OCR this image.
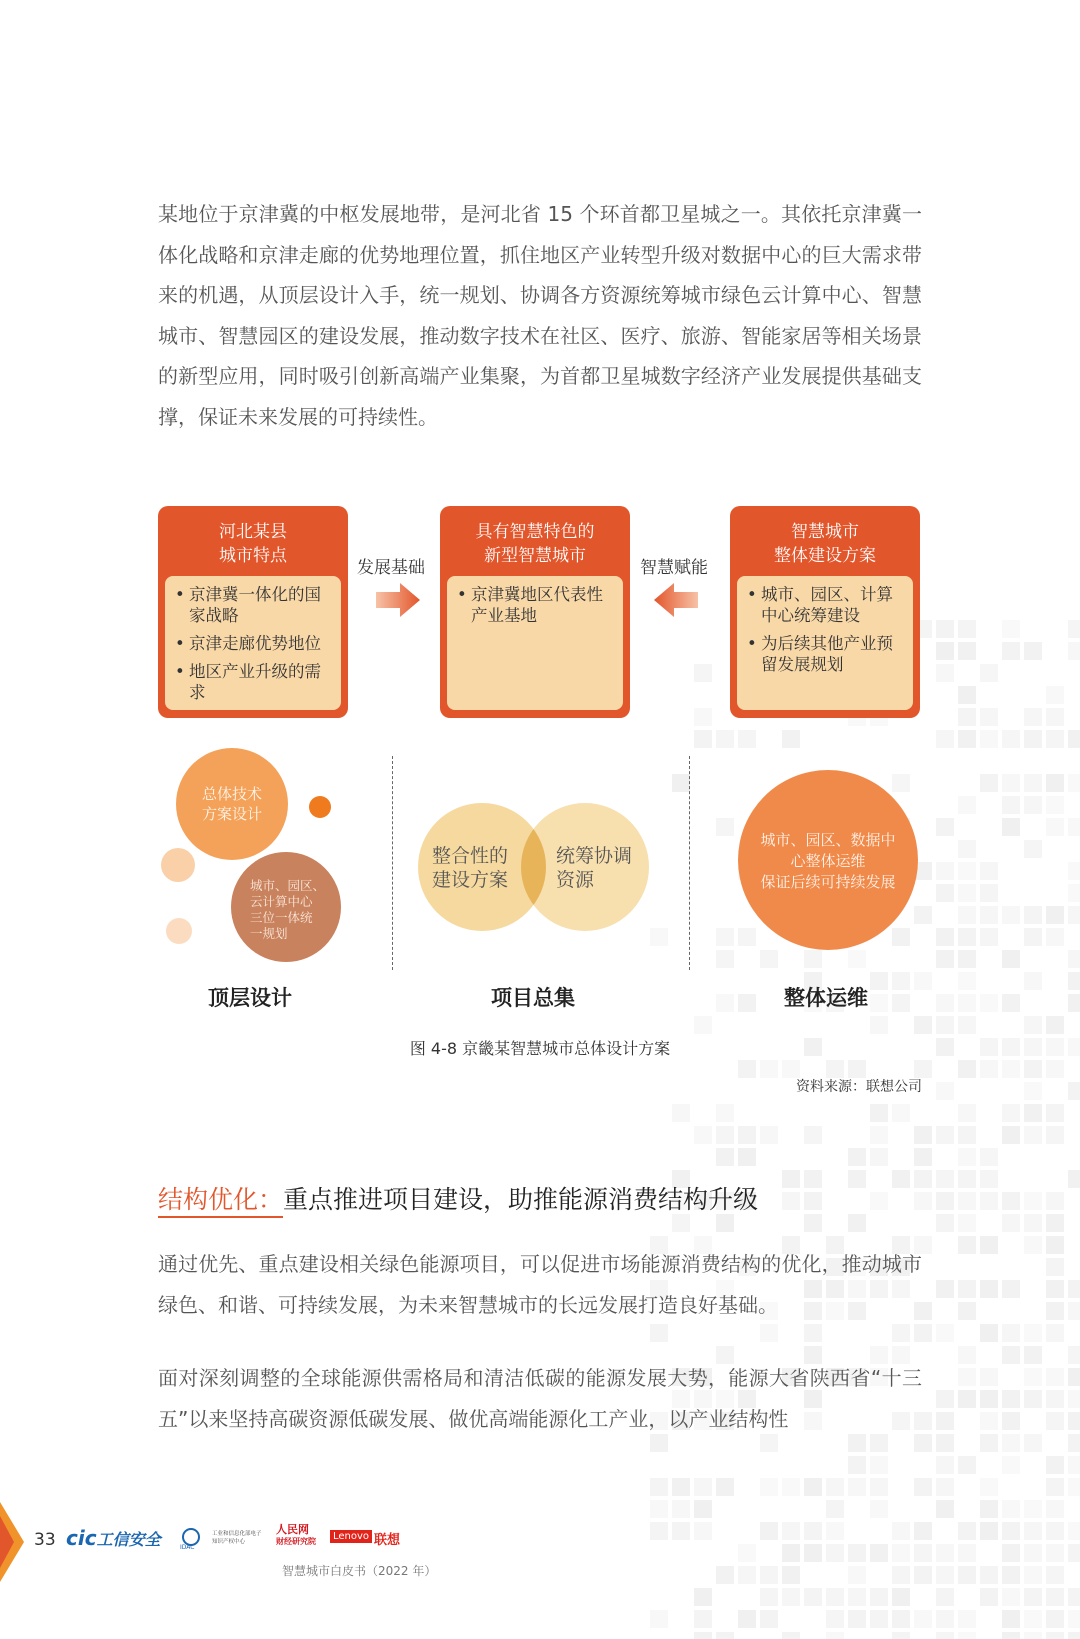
某地位于京津冀的中枢发展地带，是河北省 15 个环首都卫星城之一。其依托京津冀一体化战略和京津走廊的优势地理位置，抓住地区产业转型升级对数据中心的巨大需求带来的机遇，从顶层设计入手，统一规划、协调各方资源统筹城市绿色云计算中心、智慧城市、智慧园区的建设发展，推动数字技术在社区、医疗、旅游、智能家居等相关场景的新型应用，同时吸引创新高端产业集聚，为首都卫星城数字经济产业发展提供基础支撑，保证未来发展的可持续性。

河北某县
城市特点
• 京津冀一体化的国家战略
• 京津走廊优势地位
• 地区产业升级的需求
具有智慧特色的
新型智慧城市
• 京津冀地区代表性产业基地
智慧城市
整体建设方案
• 城市、园区、计算中心统筹建设
• 为后续其他产业预留发展规划
发展基础	智慧赋能
总体技术
方案设计
城市、园区、
云计算中心
三位一体统
一规划
整合性的
建设方案
统筹协调
资源
城市、园区、数据中
心整体运维
保证后续可持续发展
顶层设计	项目总集	整体运维
图 4-8 京畿某智慧城市总体设计方案
资料来源：联想公司
结构优化：重点推进项目建设，助推能源消费结构升级

通过优先、重点建设相关绿色能源项目，可以促进市场能源消费结构的优化，推动城市绿色、和谐、可持续发展，为未来智慧城市的长远发展打造良好基础。

面对深刻调整的全球能源供需格局和清洁低碳的能源发展大势，能源大省陕西省“十三五”以来坚持高碳资源低碳发展、做优高端能源化工产业，以产业结构性

33 cic工信安全	IDAC
工业和信息化部电子
知识产权中心
人民网
财经研究院	Lenovo 联想
智慧城市白皮书（2022 年）
